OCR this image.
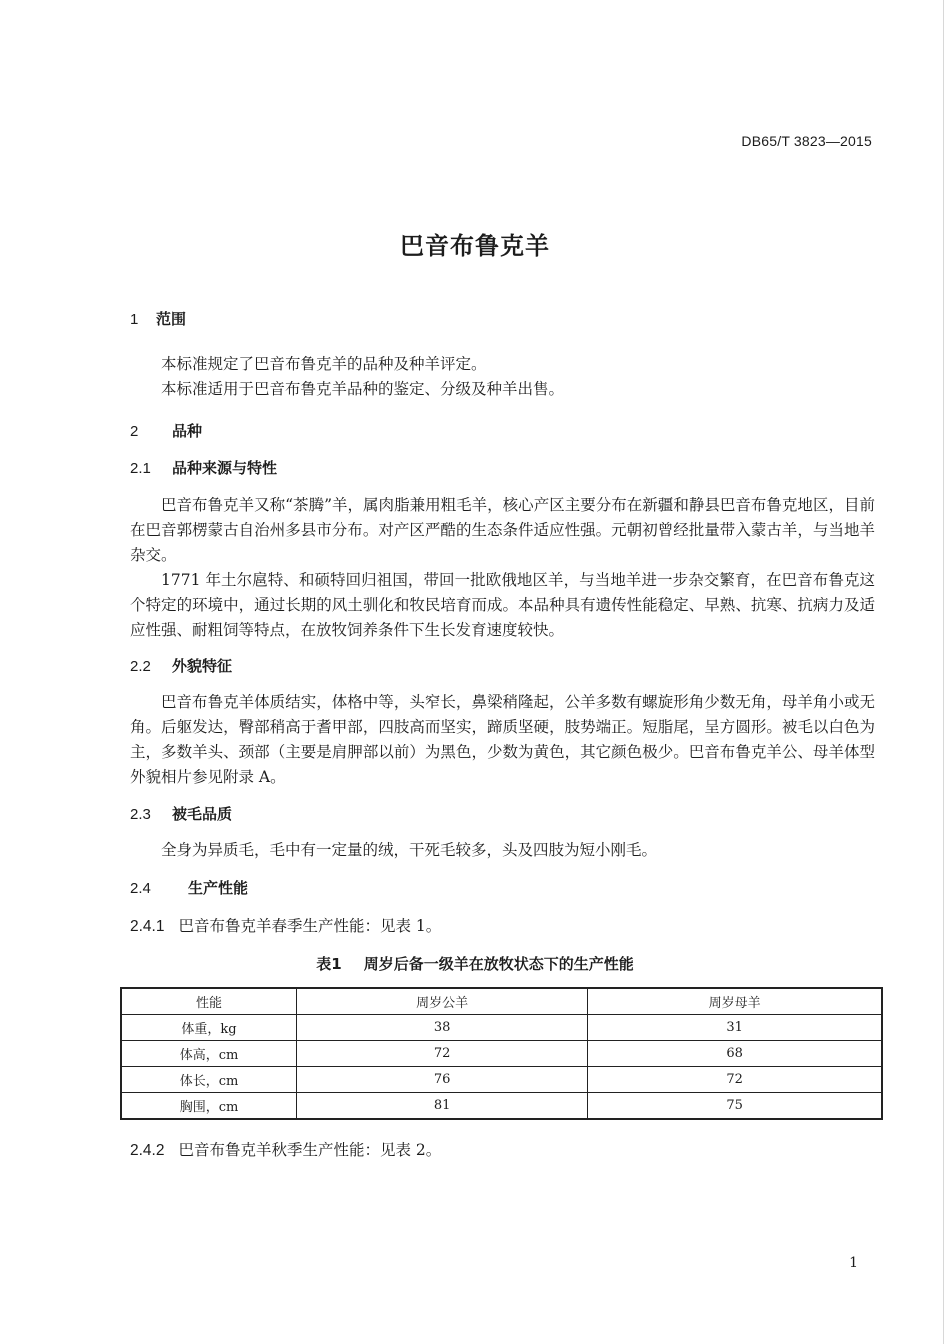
DB65/T 3823—2015
巴音布鲁克羊
1 范围

本标准规定了巴音布鲁克羊的品种及种羊评定。

本标准适用于巴音布鲁克羊品种的鉴定、分级及种羊出售。

2 品种
2.1 品种来源与特性

巴音布鲁克羊又称“茶腾”羊，属肉脂兼用粗毛羊，核心产区主要分布在新疆和静县巴音布鲁克地区，目前在巴音郭楞蒙古自治州多县市分布。对产区严酷的生态条件适应性强。元朝初曾经批量带入蒙古羊，与当地羊杂交。

1771 年土尔扈特、和硕特回归祖国，带回一批欧俄地区羊，与当地羊进一步杂交繁育，在巴音布鲁克这个特定的环境中，通过长期的风土驯化和牧民培育而成。本品种具有遗传性能稳定、早熟、抗寒、抗病力及适应性强、耐粗饲等特点，在放牧饲养条件下生长发育速度较快。

2.2 外貌特征

巴音布鲁克羊体质结实，体格中等，头窄长，鼻梁稍隆起，公羊多数有螺旋形角少数无角，母羊角小或无角。后躯发达，臀部稍高于耆甲部，四肢高而坚实，蹄质坚硬，肢势端正。短脂尾，呈方圆形。被毛以白色为主，多数羊头、颈部（主要是肩胛部以前）为黑色，少数为黄色，其它颜色极少。巴音布鲁克羊公、母羊体型外貌相片参见附录 A。

2.3 被毛品质

全身为异质毛，毛中有一定量的绒，干死毛较多，头及四肢为短小刚毛。

2.4 生产性能
2.4.1 巴音布鲁克羊春季生产性能：见表 1。
表1 周岁后备一级羊在放牧状态下的生产性能
性能	周岁公羊	周岁母羊
体重，kg	38	31
体高，cm	72	68
体长，cm	76	72
胸围，cm	81	75
2.4.2 巴音布鲁克羊秋季生产性能：见表 2。
1
